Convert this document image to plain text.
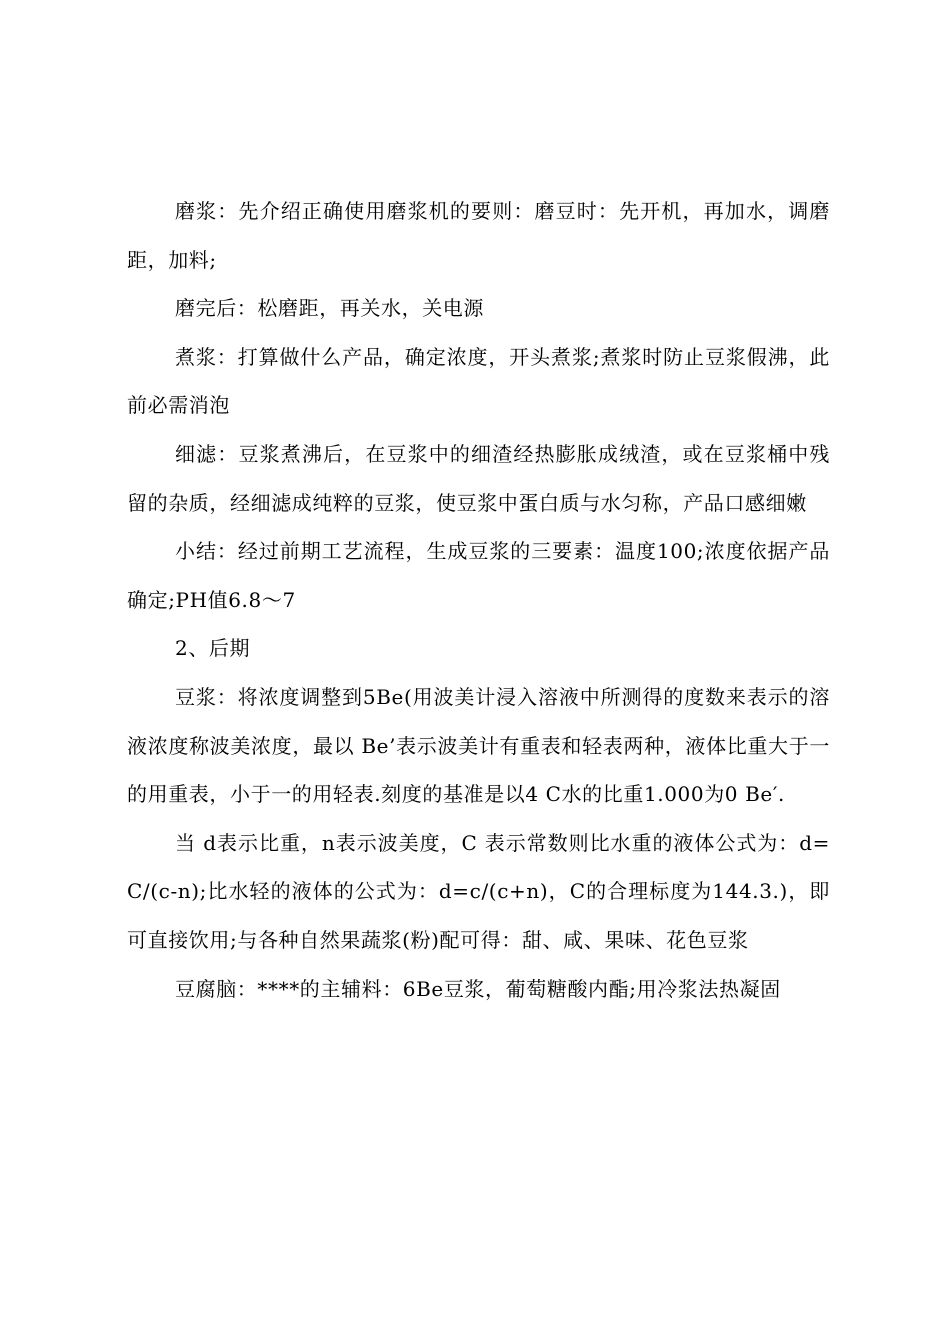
磨浆：先介绍正确使用磨浆机的要则：磨豆时：先开机，再加水，调磨距，加料;

磨完后：松磨距，再关水，关电源

煮浆：打算做什么产品，确定浓度，开头煮浆;煮浆时防止豆浆假沸，此前必需消泡

细滤：豆浆煮沸后，在豆浆中的细渣经热膨胀成绒渣，或在豆浆桶中残留的杂质，经细滤成纯粹的豆浆，使豆浆中蛋白质与水匀称，产品口感细嫩

小结：经过前期工艺流程，生成豆浆的三要素：温度100;浓度依据产品确定;PH值6.8～7

2、后期

豆浆：将浓度调整到5Be(用波美计浸入溶液中所测得的度数来表示的溶液浓度称波美浓度，最以 Be’表示波美计有重表和轻表两种，液体比重大于一的用重表，小于一的用轻表.刻度的基准是以4 C水的比重1.000为0 Be′.

当 d表示比重，n表示波美度，C 表示常数则比水重的液体公式为：d=C/(c-n);比水轻的液体的公式为：d=c/(c+n)，C的合理标度为144.3.)，即可直接饮用;与各种自然果蔬浆(粉)配可得：甜、咸、果味、花色豆浆

豆腐脑：****的主辅料：6Be豆浆，葡萄糖酸内酯;用冷浆法热凝固
